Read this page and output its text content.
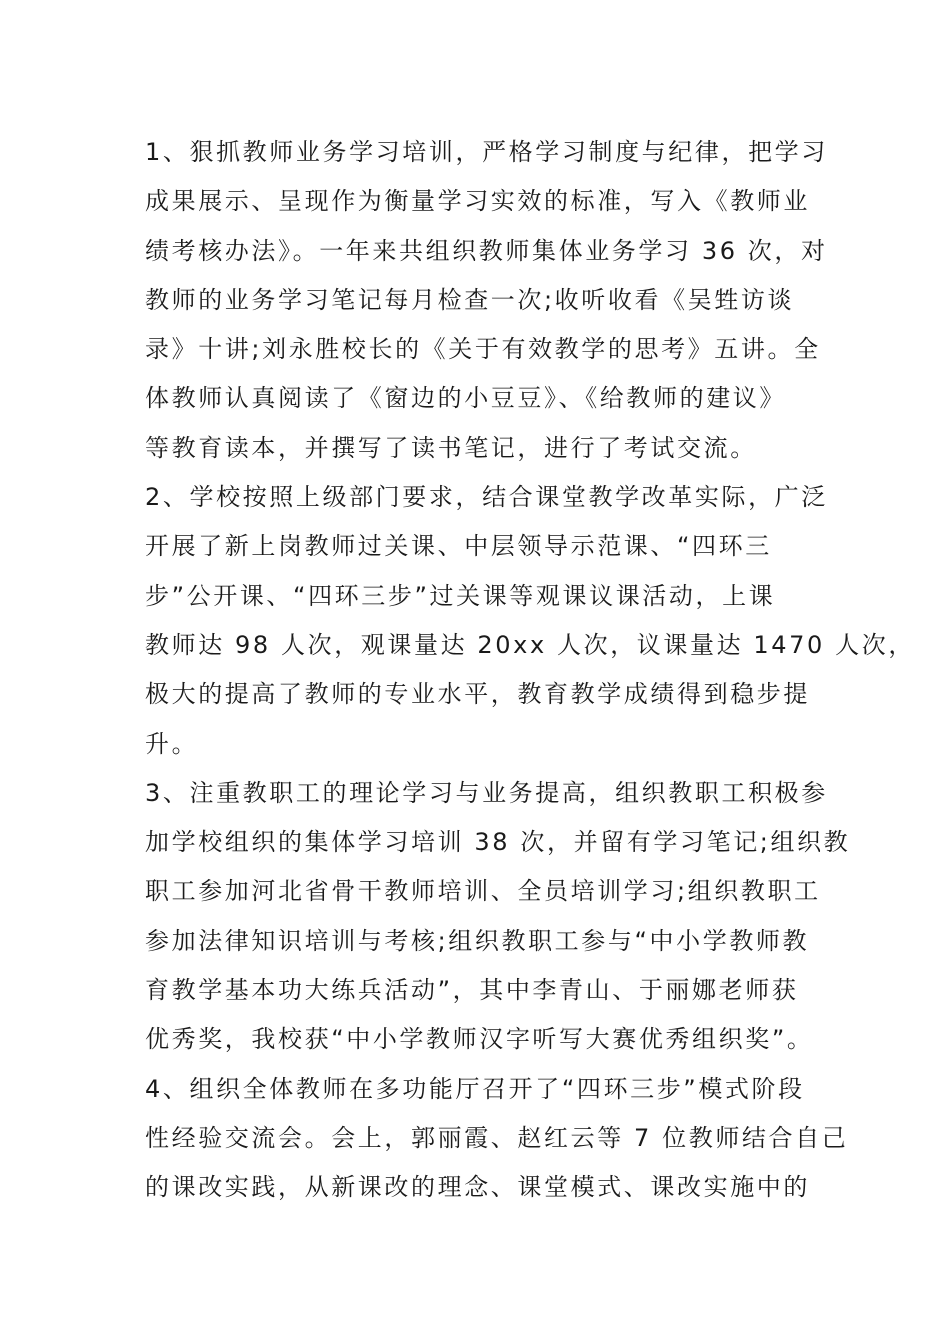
1、狠抓教师业务学习培训，严格学习制度与纪律，把学习
成果展示、呈现作为衡量学习实效的标准，写入《教师业
绩考核办法》。一年来共组织教师集体业务学习 36 次，对
教师的业务学习笔记每月检查一次;收听收看《吴甡访谈
录》十讲;刘永胜校长的《关于有效教学的思考》五讲。全
体教师认真阅读了《窗边的小豆豆》、《给教师的建议》
等教育读本，并撰写了读书笔记，进行了考试交流。
2、学校按照上级部门要求，结合课堂教学改革实际，广泛
开展了新上岗教师过关课、中层领导示范课、“四环三
步”公开课、“四环三步”过关课等观课议课活动，上课
教师达 98 人次，观课量达 20xx 人次，议课量达 1470 人次，
极大的提高了教师的专业水平，教育教学成绩得到稳步提
升。
3、注重教职工的理论学习与业务提高，组织教职工积极参
加学校组织的集体学习培训 38 次，并留有学习笔记;组织教
职工参加河北省骨干教师培训、全员培训学习;组织教职工
参加法律知识培训与考核;组织教职工参与“中小学教师教
育教学基本功大练兵活动”，其中李青山、于丽娜老师获
优秀奖，我校获“中小学教师汉字听写大赛优秀组织奖”。
4、组织全体教师在多功能厅召开了“四环三步”模式阶段
性经验交流会。会上，郭丽霞、赵红云等 7 位教师结合自己
的课改实践，从新课改的理念、课堂模式、课改实施中的
